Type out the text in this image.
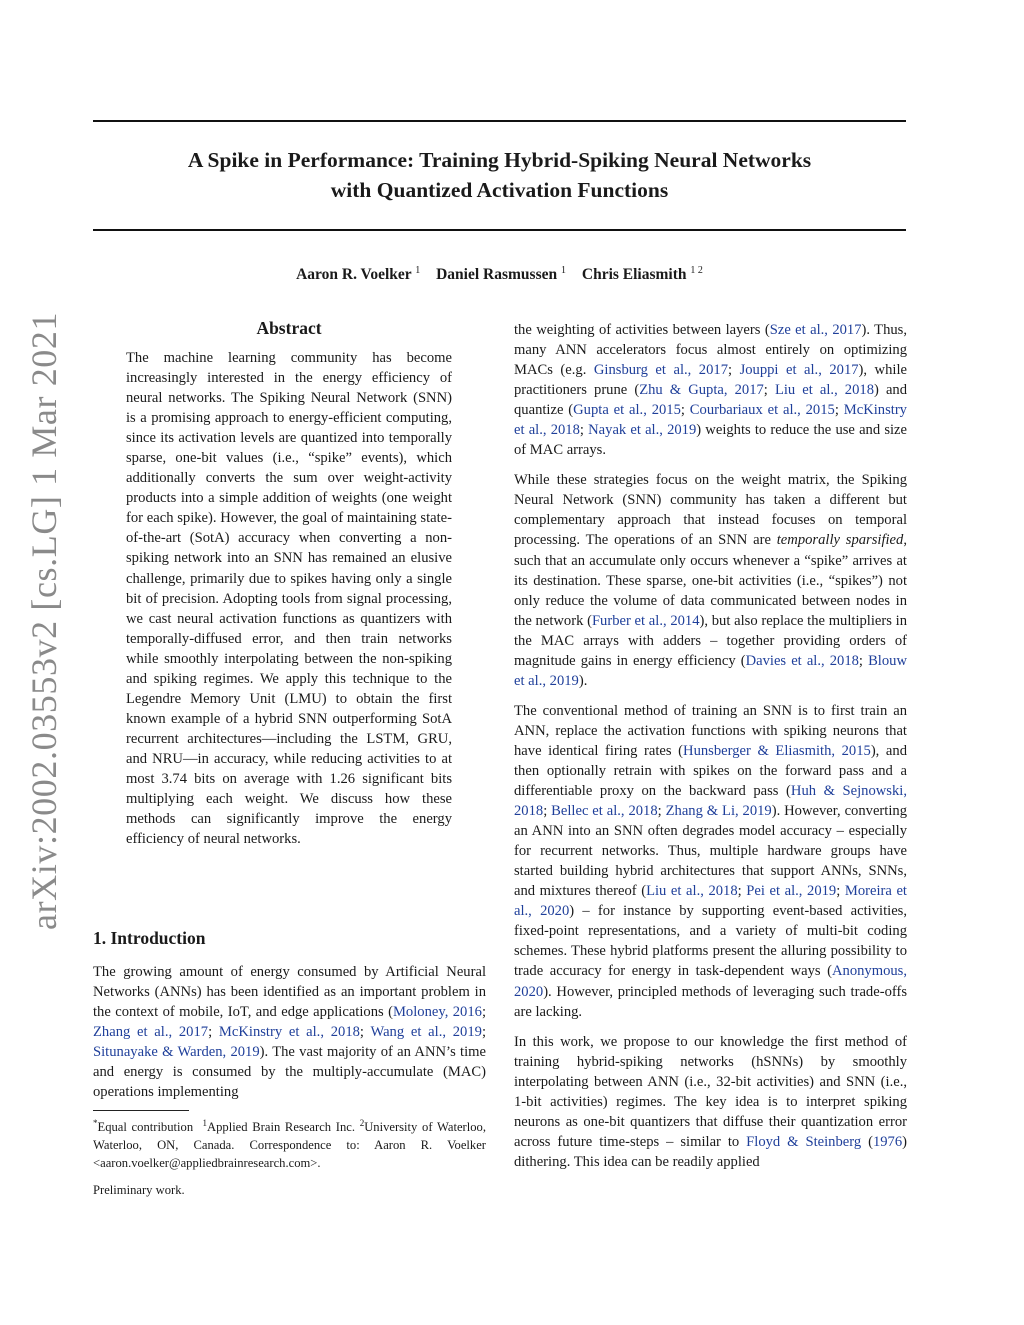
A Spike in Performance: Training Hybrid-Spiking Neural Networks
with Quantized Activation Functions
Aaron R. Voelker $^1$ Daniel Rasmussen $^1$ Chris Eliasmith $^{1 2}$
arXiv:2002.03553v2 [cs.LG] 1 Mar 2021	Abstract

The machine learning community has become increasingly interested in the energy efficiency of neural networks. The Spiking Neural Network (SNN) is a promising approach to energy-efficient computing, since its activation levels are quantized into temporally sparse, one-bit values (i.e., “spike” events), which additionally converts the sum over weight-activity products into a simple addition of weights (one weight for each spike). However, the goal of maintaining state-of-the-art (SotA) accuracy when converting a non-spiking network into an SNN has remained an elusive challenge, primarily due to spikes having only a single bit of precision. Adopting tools from signal processing, we cast neural activation functions as quantizers with temporally-diffused error, and then train networks while smoothly interpolating between the non-spiking and spiking regimes. We apply this technique to the Legendre Memory Unit (LMU) to obtain the first known example of a hybrid SNN outperforming SotA recurrent architectures—including the LSTM, GRU, and NRU—in accuracy, while reducing activities to at most 3.74 bits on average with 1.26 significant bits multiplying each weight. We discuss how these methods can significantly improve the energy efficiency of neural networks.

1. Introduction

The growing amount of energy consumed by Artificial Neural Networks (ANNs) has been identified as an important problem in the context of mobile, IoT, and edge applications (Moloney, 2016; Zhang et al., 2017; McKinstry et al., 2018; Wang et al., 2019; Situnayake & Warden, 2019). The vast majority of an ANN’s time and energy is consumed by the multiply-accumulate (MAC) operations implementing

*Equal contribution $^1$Applied Brain Research Inc. $^2$University of Waterloo, Waterloo, ON, Canada. Correspondence to: Aaron R. Voelker <aaron.voelker@appliedbrainresearch.com>.

Preliminary work.

the weighting of activities between layers (Sze et al., 2017). Thus, many ANN accelerators focus almost entirely on optimizing MACs (e.g. Ginsburg et al., 2017; Jouppi et al., 2017), while practitioners prune (Zhu & Gupta, 2017; Liu et al., 2018) and quantize (Gupta et al., 2015; Courbariaux et al., 2015; McKinstry et al., 2018; Nayak et al., 2019) weights to reduce the use and size of MAC arrays.

While these strategies focus on the weight matrix, the Spiking Neural Network (SNN) community has taken a different but complementary approach that instead focuses on temporal processing. The operations of an SNN are temporally sparsified, such that an accumulate only occurs whenever a “spike” arrives at its destination. These sparse, one-bit activities (i.e., “spikes”) not only reduce the volume of data communicated between nodes in the network (Furber et al., 2014), but also replace the multipliers in the MAC arrays with adders – together providing orders of magnitude gains in energy efficiency (Davies et al., 2018; Blouw et al., 2019).

The conventional method of training an SNN is to first train an ANN, replace the activation functions with spiking neurons that have identical firing rates (Hunsberger & Eliasmith, 2015), and then optionally retrain with spikes on the forward pass and a differentiable proxy on the backward pass (Huh & Sejnowski, 2018; Bellec et al., 2018; Zhang & Li, 2019). However, converting an ANN into an SNN often degrades model accuracy – especially for recurrent networks. Thus, multiple hardware groups have started building hybrid architectures that support ANNs, SNNs, and mixtures thereof (Liu et al., 2018; Pei et al., 2019; Moreira et al., 2020) – for instance by supporting event-based activities, fixed-point representations, and a variety of multi-bit coding schemes. These hybrid platforms present the alluring possibility to trade accuracy for energy in task-dependent ways (Anonymous, 2020). However, principled methods of leveraging such trade-offs are lacking.

In this work, we propose to our knowledge the first method of training hybrid-spiking networks (hSNNs) by smoothly interpolating between ANN (i.e., 32-bit activities) and SNN (i.e., 1-bit activities) regimes. The key idea is to interpret spiking neurons as one-bit quantizers that diffuse their quantization error across future time-steps – similar to Floyd & Steinberg (1976) dithering. This idea can be readily applied
